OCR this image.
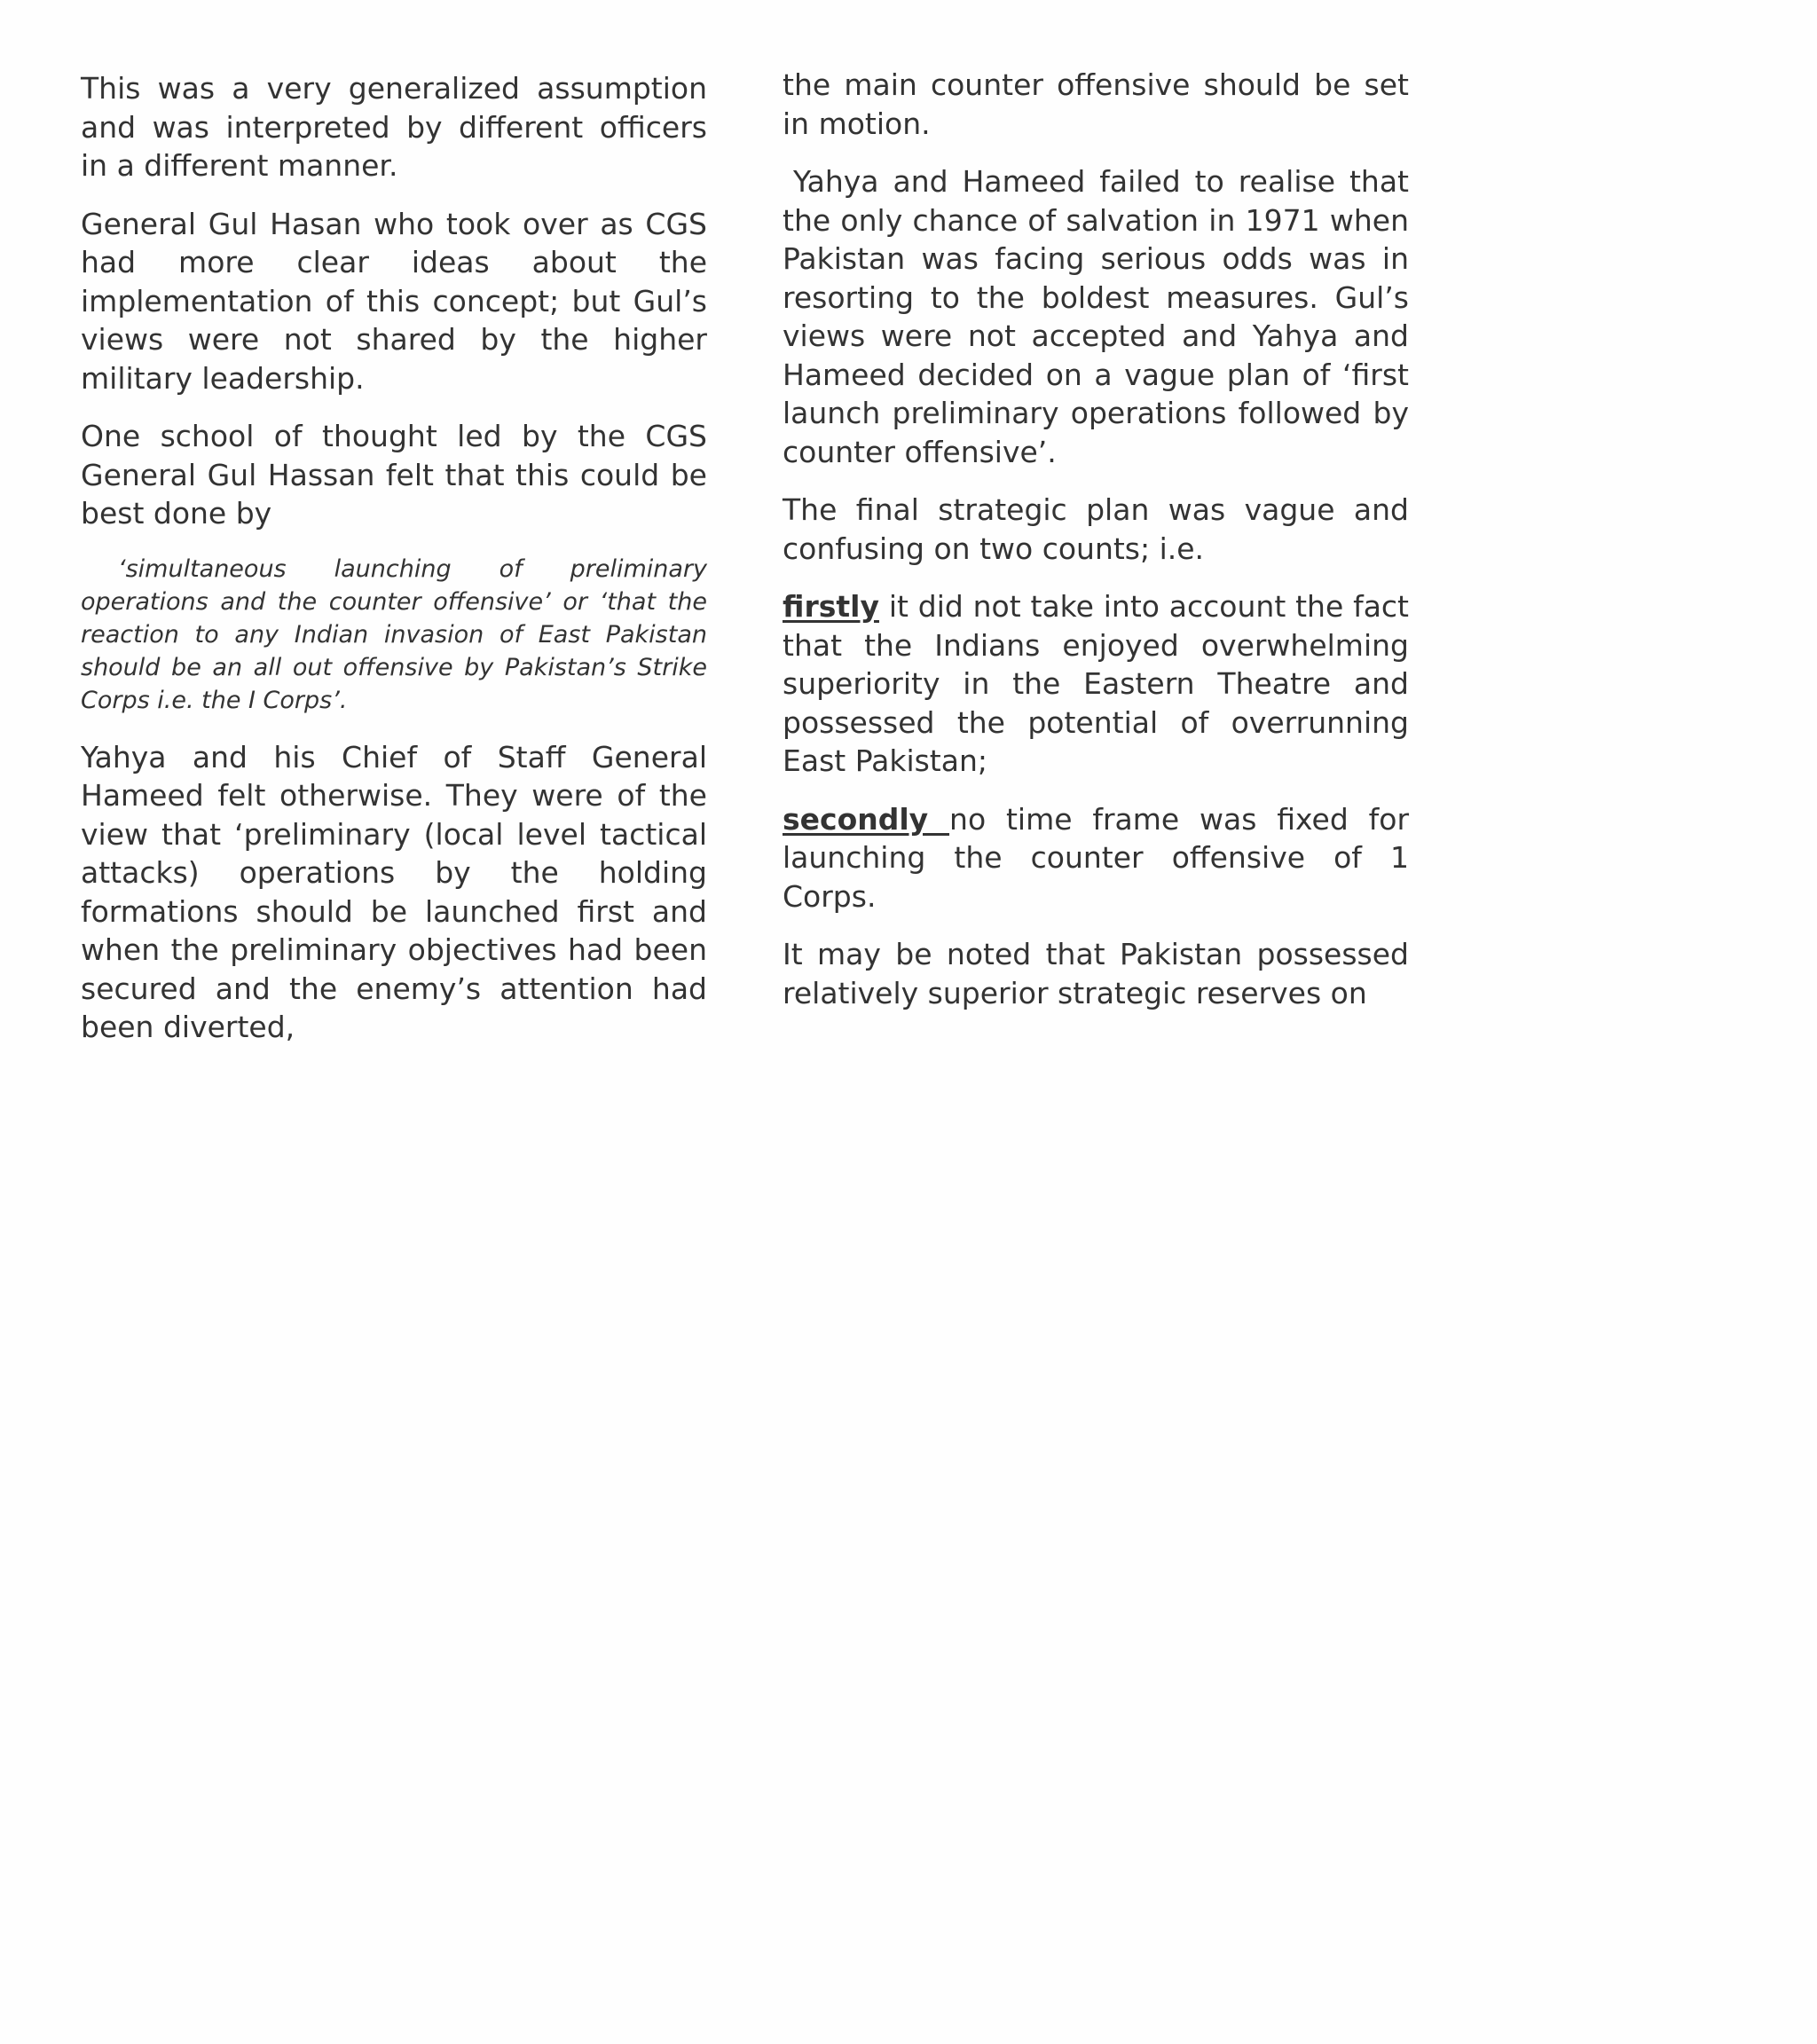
This was a very generalized assumption and was interpreted by different officers in a different manner.

General Gul Hasan who took over as CGS had more clear ideas about the implementation of this concept; but Gul’s views were not shared by the higher military leadership.

One school of thought led by the CGS General Gul Hassan felt that this could be best done by

‘simultaneous launching of preliminary operations and the counter offensive’ or ‘that the reaction to any Indian invasion of East Pakistan should be an all out offensive by Pakistan’s Strike Corps i.e. the I Corps’.

Yahya and his Chief of Staff General Hameed felt otherwise. They were of the view that ‘preliminary (local level tactical attacks) operations by the holding formations should be launched first and when the preliminary objectives had been secured and the enemy’s attention had been diverted,

the main counter offensive should be set in motion.

Yahya and Hameed failed to realise that the only chance of salvation in 1971 when Pakistan was facing serious odds was in resorting to the boldest measures. Gul’s views were not accepted and Yahya and Hameed decided on a vague plan of ‘first launch preliminary operations followed by counter offensive’.

The final strategic plan was vague and confusing on two counts; i.e.

firstly it did not take into account the fact that the Indians enjoyed overwhelming superiority in the Eastern Theatre and possessed the potential of overrunning East Pakistan;

secondly no time frame was fixed for launching the counter offensive of 1 Corps.

It may be noted that Pakistan possessed relatively superior strategic reserves on
